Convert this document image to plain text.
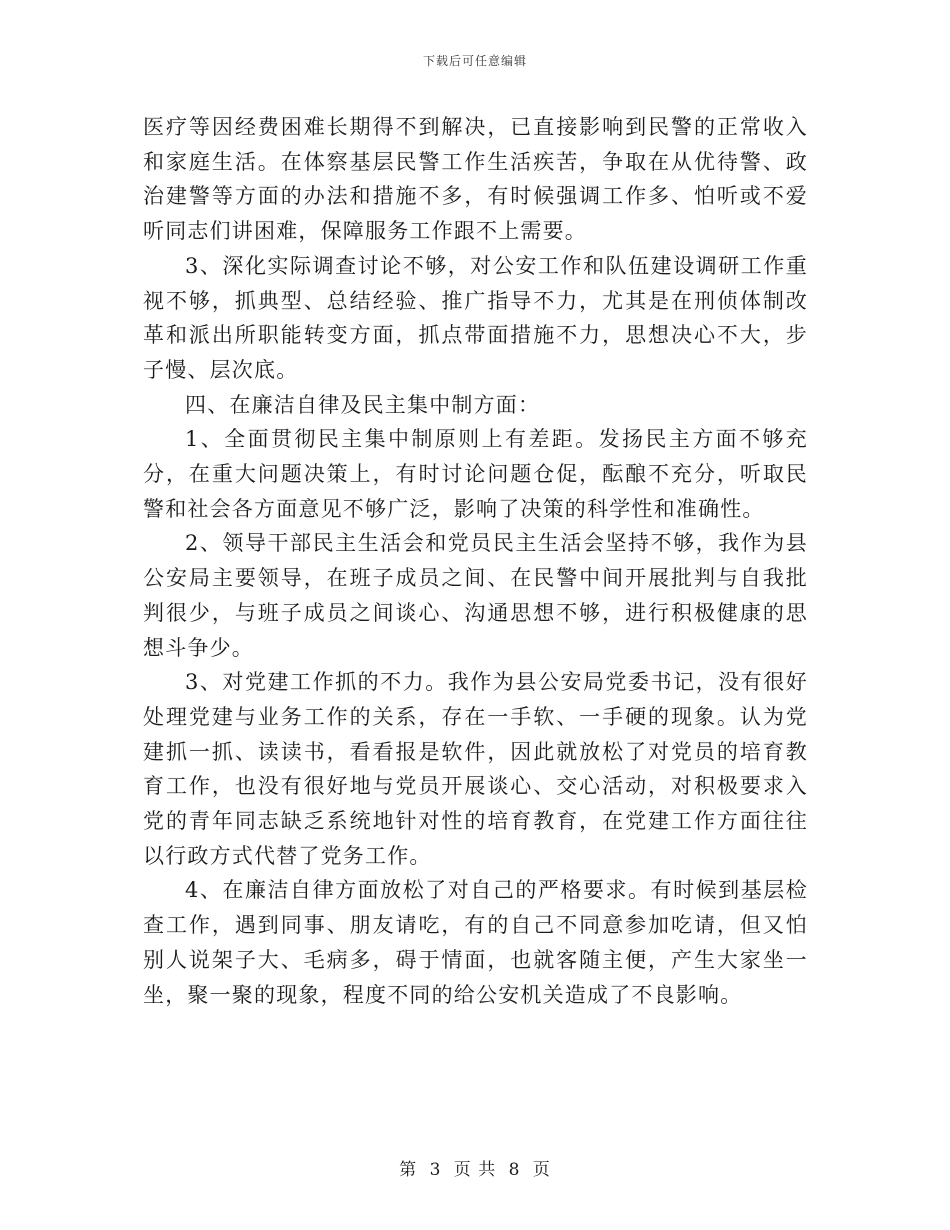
下载后可任意编辑

医疗等因经费困难长期得不到解决，已直接影响到民警的正常收入和家庭生活。在体察基层民警工作生活疾苦，争取在从优待警、政治建警等方面的办法和措施不多，有时候强调工作多、怕听或不爱听同志们讲困难，保障服务工作跟不上需要。

3、深化实际调查讨论不够，对公安工作和队伍建设调研工作重视不够，抓典型、总结经验、推广指导不力，尤其是在刑侦体制改革和派出所职能转变方面，抓点带面措施不力，思想决心不大，步子慢、层次底。

四、在廉洁自律及民主集中制方面：

1、全面贯彻民主集中制原则上有差距。发扬民主方面不够充分，在重大问题决策上，有时讨论问题仓促，酝酿不充分，听取民警和社会各方面意见不够广泛，影响了决策的科学性和准确性。

2、领导干部民主生活会和党员民主生活会坚持不够，我作为县公安局主要领导，在班子成员之间、在民警中间开展批判与自我批判很少，与班子成员之间谈心、沟通思想不够，进行积极健康的思想斗争少。

3、对党建工作抓的不力。我作为县公安局党委书记，没有很好处理党建与业务工作的关系，存在一手软、一手硬的现象。认为党建抓一抓、读读书，看看报是软件，因此就放松了对党员的培育教育工作，也没有很好地与党员开展谈心、交心活动，对积极要求入党的青年同志缺乏系统地针对性的培育教育，在党建工作方面往往以行政方式代替了党务工作。

4、在廉洁自律方面放松了对自己的严格要求。有时候到基层检查工作，遇到同事、朋友请吃，有的自己不同意参加吃请，但又怕别人说架子大、毛病多，碍于情面，也就客随主便，产生大家坐一坐，聚一聚的现象，程度不同的给公安机关造成了不良影响。

第 3 页 共 8 页
